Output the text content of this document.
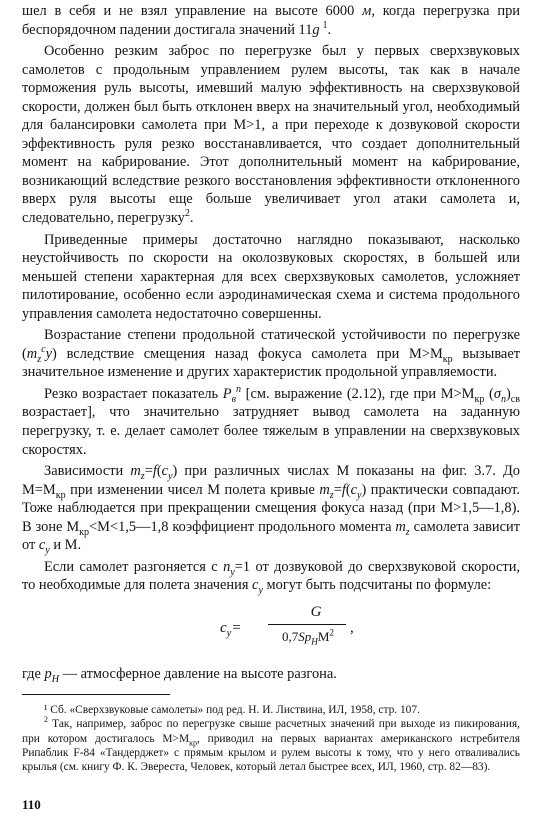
шел в себя и не взял управление на высоте 6000 м, когда перегрузка при беспорядочном падении достигала значений 11g  $^1$.

Особенно резким заброс по перегрузке был у первых сверхзвуковых самолетов с продольным управлением рулем высоты, так как в начале торможения руль высоты, имевший малую эффективность на сверхзвуковой скорости, должен был быть отклонен вверх на значительный угол, необходимый для балансировки самолета при M>1, а при переходе к дозвуковой скорости эффективность руля резко восстанавливается, что создает дополнительный момент на кабрирование. Этот дополнительный момент на кабрирование, возникающий вследствие резкого восстановления эффективности отклоненного вверх руля высоты еще больше увеличивает угол атаки самолета и, следовательно, перегрузку$^2$.

Приведенные примеры достаточно наглядно показывают, насколько неустойчивость по скорости на околозвуковых скоростях, в большей или меньшей степени характерная для всех сверхзвуковых самолетов, усложняет пилотирование, особенно если аэродинамическая схема и система продольного управления самолета недостаточно совершенны.

Возрастание степени продольной статической устойчивости по перегрузке $(m_z^cy)$ вследствие смещения назад фокуса самолета при $M>M_{кр}$ вызывает значительное изменение и других характеристик продольной управляемости.

Резко возрастает показатель $P_в^n$ [см. выражение (2.12), где при $M>M_{кр}$ $(\sigma_n)_{св}$ возрастает], что значительно затрудняет вывод самолета на заданную перегрузку, т. е. делает самолет более тяжелым в управлении на сверхзвуковых скоростях.

Зависимости $m_z=f(c_y)$ при различных числах M показаны на фиг. 3.7. До $M=M_{кр}$ при изменении чисел M полета кривые $m_z=f(c_y)$ практически совпадают. Тоже наблюдается при прекращении смещения фокуса назад (при M>1,5—1,8). В зоне $M_{кр}<M<1,5—1,8$ коэффициент продольного момента $m_z$ самолета зависит от $c_y$ и M.

Если самолет разгоняется с $n_y=1$ от дозвуковой до сверхзвуковой скорости, то необходимые для полета значения $c_y$ могут быть подсчитаны по формуле:

$c_y=$
G
$0,7Sp_HM^2$	,

где $p_H$ — атмосферное давление на высоте разгона.

¹ Сб. «Сверхзвуковые самолеты» под ред. Н. И. Листвина, ИЛ, 1958, стр. 107.

$^2$ Так, например, заброс по перегрузке свыше расчетных значений при выходе из пикирования, при котором достигалось $M>M_{кр}$, приводил на первых вариантах американского истребителя Рипаблик F-84 «Тандерджет» с прямым крылом и рулем высоты к тому, что у него отваливались крылья (см. книгу Ф. К. Эвереста, Человек, который летал быстрее всех, ИЛ, 1960, стр. 82—83).

110
